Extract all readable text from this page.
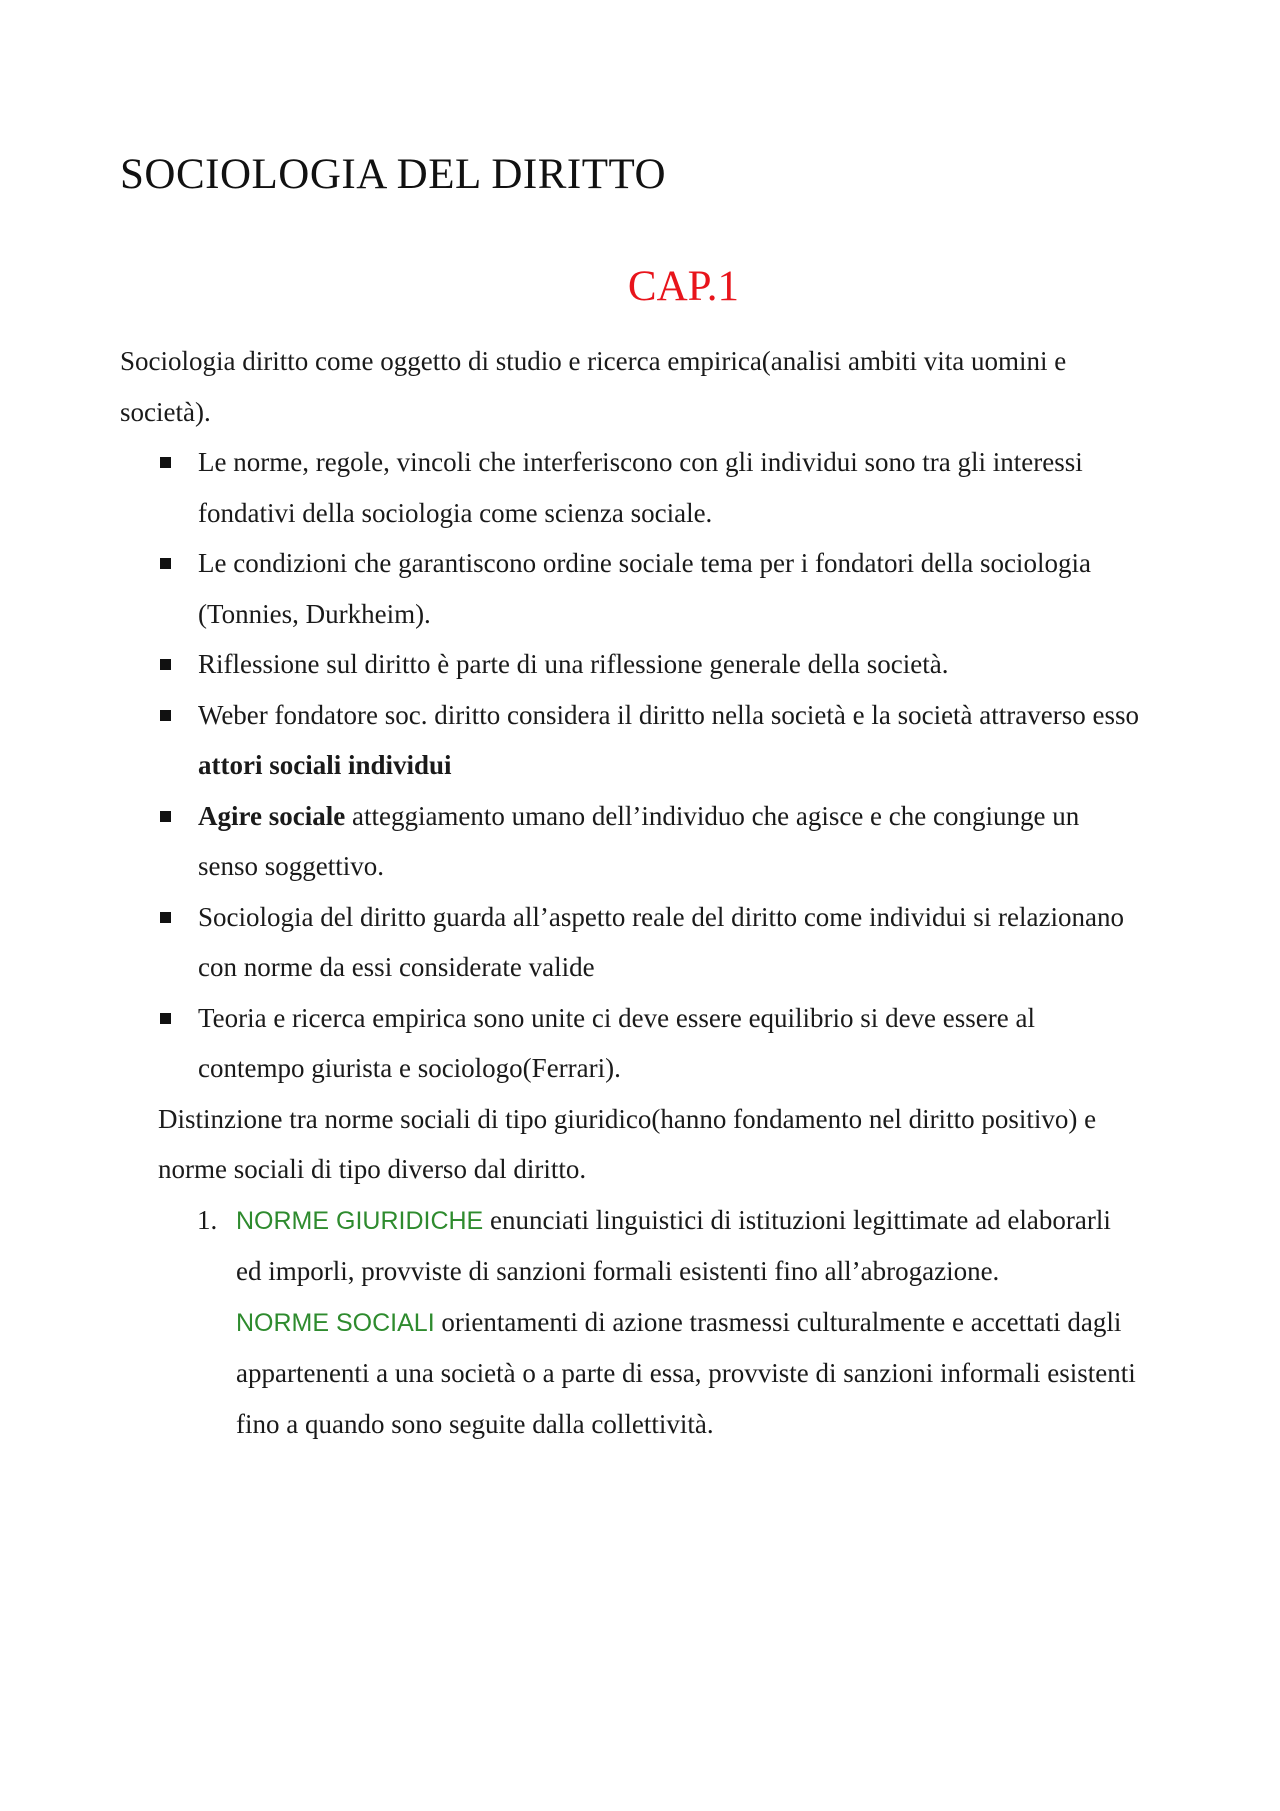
SOCIOLOGIA DEL DIRITTO
CAP.1

Sociologia diritto come oggetto di studio e ricerca empirica(analisi ambiti vita uomini e società).

Le norme, regole, vincoli che interferiscono con gli individui sono tra gli interessi fondativi della sociologia come scienza sociale.
Le condizioni che garantiscono ordine sociale tema per i fondatori della sociologia (Tonnies, Durkheim).
Riflessione sul diritto è parte di una riflessione generale della società.
Weber fondatore soc. diritto considera il diritto nella società e la società attraverso esso attori sociali individui
Agire sociale atteggiamento umano dell’individuo che agisce e che congiunge un senso soggettivo.
Sociologia del diritto guarda all’aspetto reale del diritto come individui si relazionano con norme da essi considerate valide
Teoria e ricerca empirica sono unite ci deve essere equilibrio si deve essere al contempo giurista e sociologo(Ferrari).

Distinzione tra norme sociali di tipo giuridico(hanno fondamento nel diritto positivo) e norme sociali di tipo diverso dal diritto.

1. NORME GIURIDICHE enunciati linguistici di istituzioni legittimate ad elaborarli ed imporli, provviste di sanzioni formali esistenti fino all’abrogazione.

NORME SOCIALI orientamenti di azione trasmessi culturalmente e accettati dagli appartenenti a una società o a parte di essa, provviste di sanzioni informali esistenti fino a quando sono seguite dalla collettività.
